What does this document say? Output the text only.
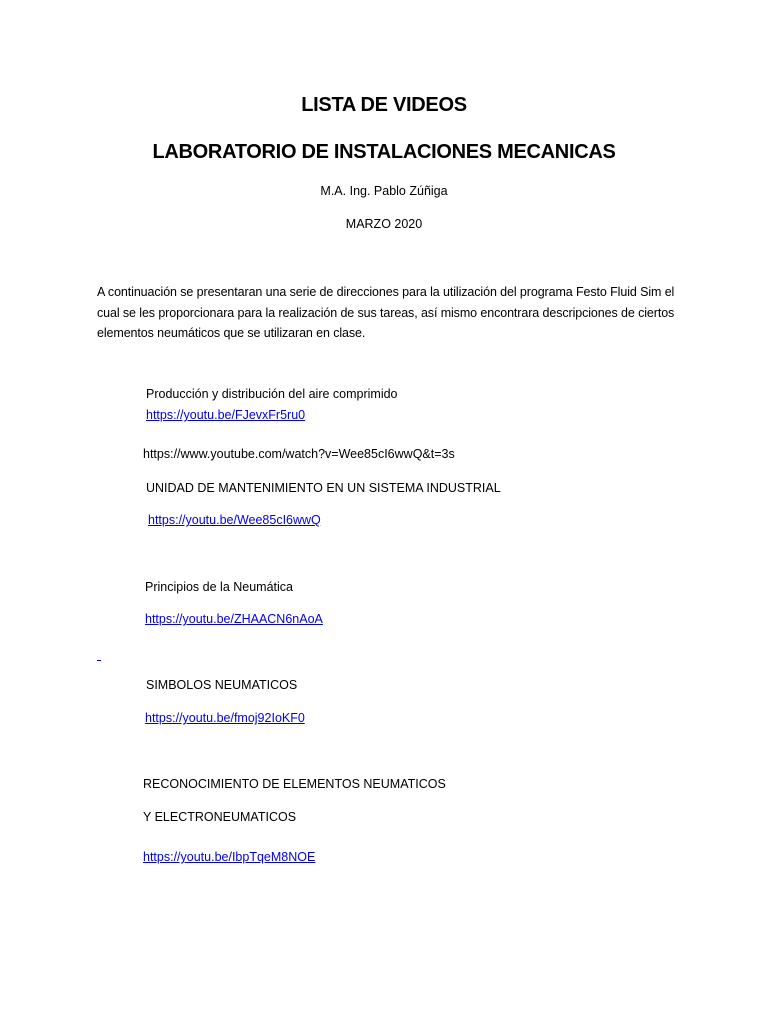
LISTA DE VIDEOS
LABORATORIO DE INSTALACIONES MECANICAS
M.A. Ing. Pablo Zúñiga
MARZO 2020
A continuación se presentaran una serie de direcciones para la utilización del programa Festo Fluid Sim el cual se les proporcionara para la realización de sus tareas, así mismo encontrara descripciones de ciertos elementos neumáticos que se utilizaran en clase.
Producción y distribución del aire comprimido
https://youtu.be/FJevxFr5ru0
https://www.youtube.com/watch?v=Wee85cI6wwQ&t=3s
UNIDAD DE MANTENIMIENTO EN UN SISTEMA INDUSTRIAL
https://youtu.be/Wee85cI6wwQ
Principios de la Neumática
https://youtu.be/ZHAACN6nAoA
SIMBOLOS NEUMATICOS
https://youtu.be/fmoj92IoKF0
RECONOCIMIENTO DE ELEMENTOS NEUMATICOS
Y ELECTRONEUMATICOS
https://youtu.be/IbpTqeM8NOE
